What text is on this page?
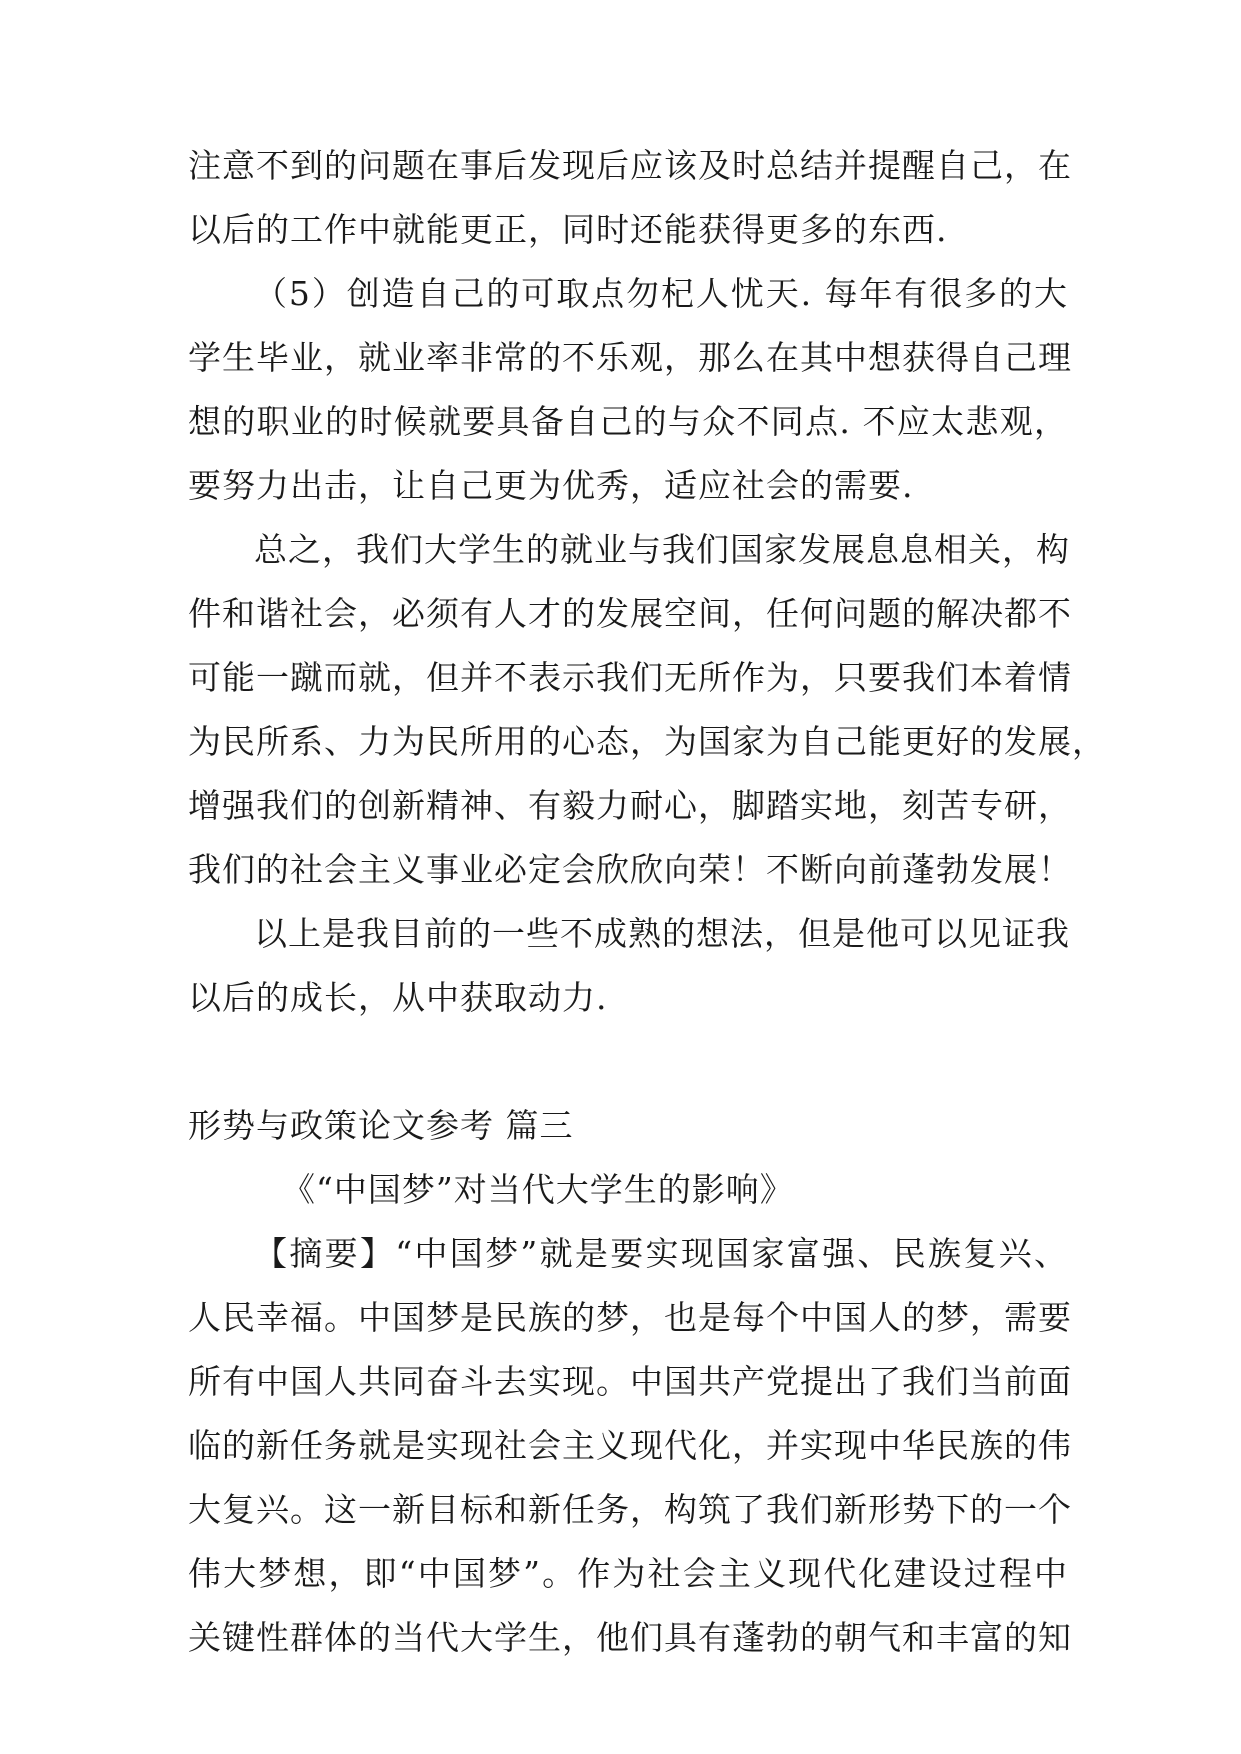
注意不到的问题在事后发现后应该及时总结并提醒自己，在
以后的工作中就能更正，同时还能获得更多的东西.
（5）创造自己的可取点勿杞人忧天. 每年有很多的大
学生毕业，就业率非常的不乐观，那么在其中想获得自己理
想的职业的时候就要具备自己的与众不同点. 不应太悲观，
要努力出击，让自己更为优秀，适应社会的需要.
总之，我们大学生的就业与我们国家发展息息相关，构
件和谐社会，必须有人才的发展空间，任何问题的解决都不
可能一蹴而就，但并不表示我们无所作为，只要我们本着情
为民所系、力为民所用的心态，为国家为自己能更好的发展，
增强我们的创新精神、有毅力耐心，脚踏实地，刻苦专研，
我们的社会主义事业必定会欣欣向荣！不断向前蓬勃发展！
以上是我目前的一些不成熟的想法，但是他可以见证我
以后的成长，从中获取动力.
形势与政策论文参考 篇三
《“中国梦”对当代大学生的影响》
【摘要】“中国梦”就是要实现国家富强、民族复兴、
人民幸福。中国梦是民族的梦，也是每个中国人的梦，需要
所有中国人共同奋斗去实现。中国共产党提出了我们当前面
临的新任务就是实现社会主义现代化，并实现中华民族的伟
大复兴。这一新目标和新任务，构筑了我们新形势下的一个
伟大梦想，即“中国梦”。作为社会主义现代化建设过程中
关键性群体的当代大学生，他们具有蓬勃的朝气和丰富的知
